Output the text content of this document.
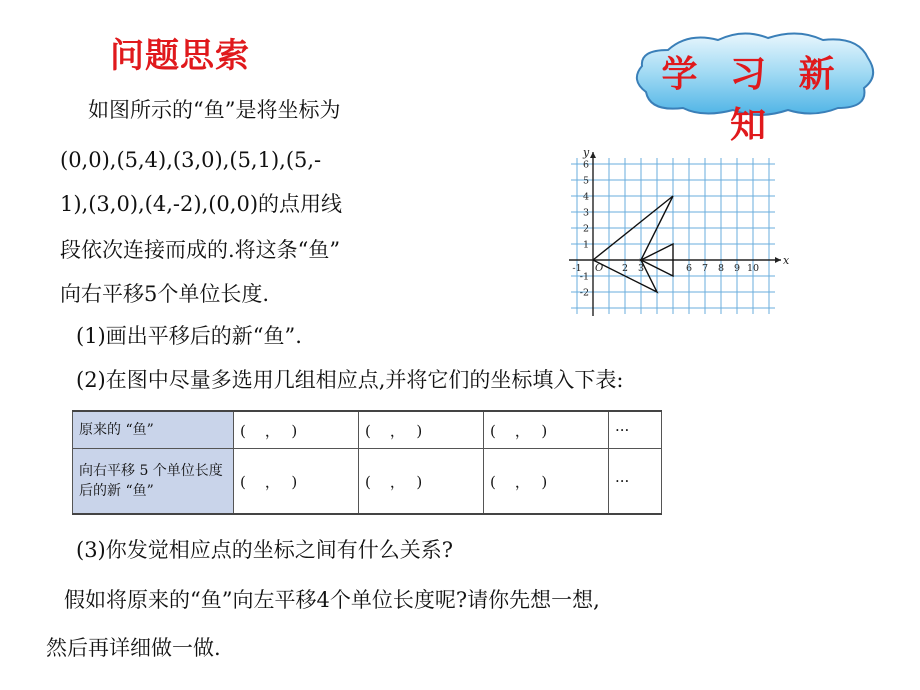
问题思索	学 习 新 知
如图所示的“鱼”是将坐标为
(0,0),(5,4),(3,0),(5,1),(5,-
1),(3,0),(4,-2),(0,0)的点用线
段依次连接而成的.将这条“鱼”
向右平移5个单位长度.
(1)画出平移后的新“鱼”.
(2)在图中尽量多选用几组相应点,并将它们的坐标填入下表:
x
y
O
-1	2 3	6 7 8 9 10
6
5
4
3
2
1
-1
-2
原来的 “鱼”	(　，　)	(　，　)	(　，　)	···
向右平移 5 个单位长度后的新 “鱼”	(　，　)	(　，　)	(　，　)	···
(3)你发觉相应点的坐标之间有什么关系?
假如将原来的“鱼”向左平移4个单位长度呢?请你先想一想,
然后再详细做一做.
